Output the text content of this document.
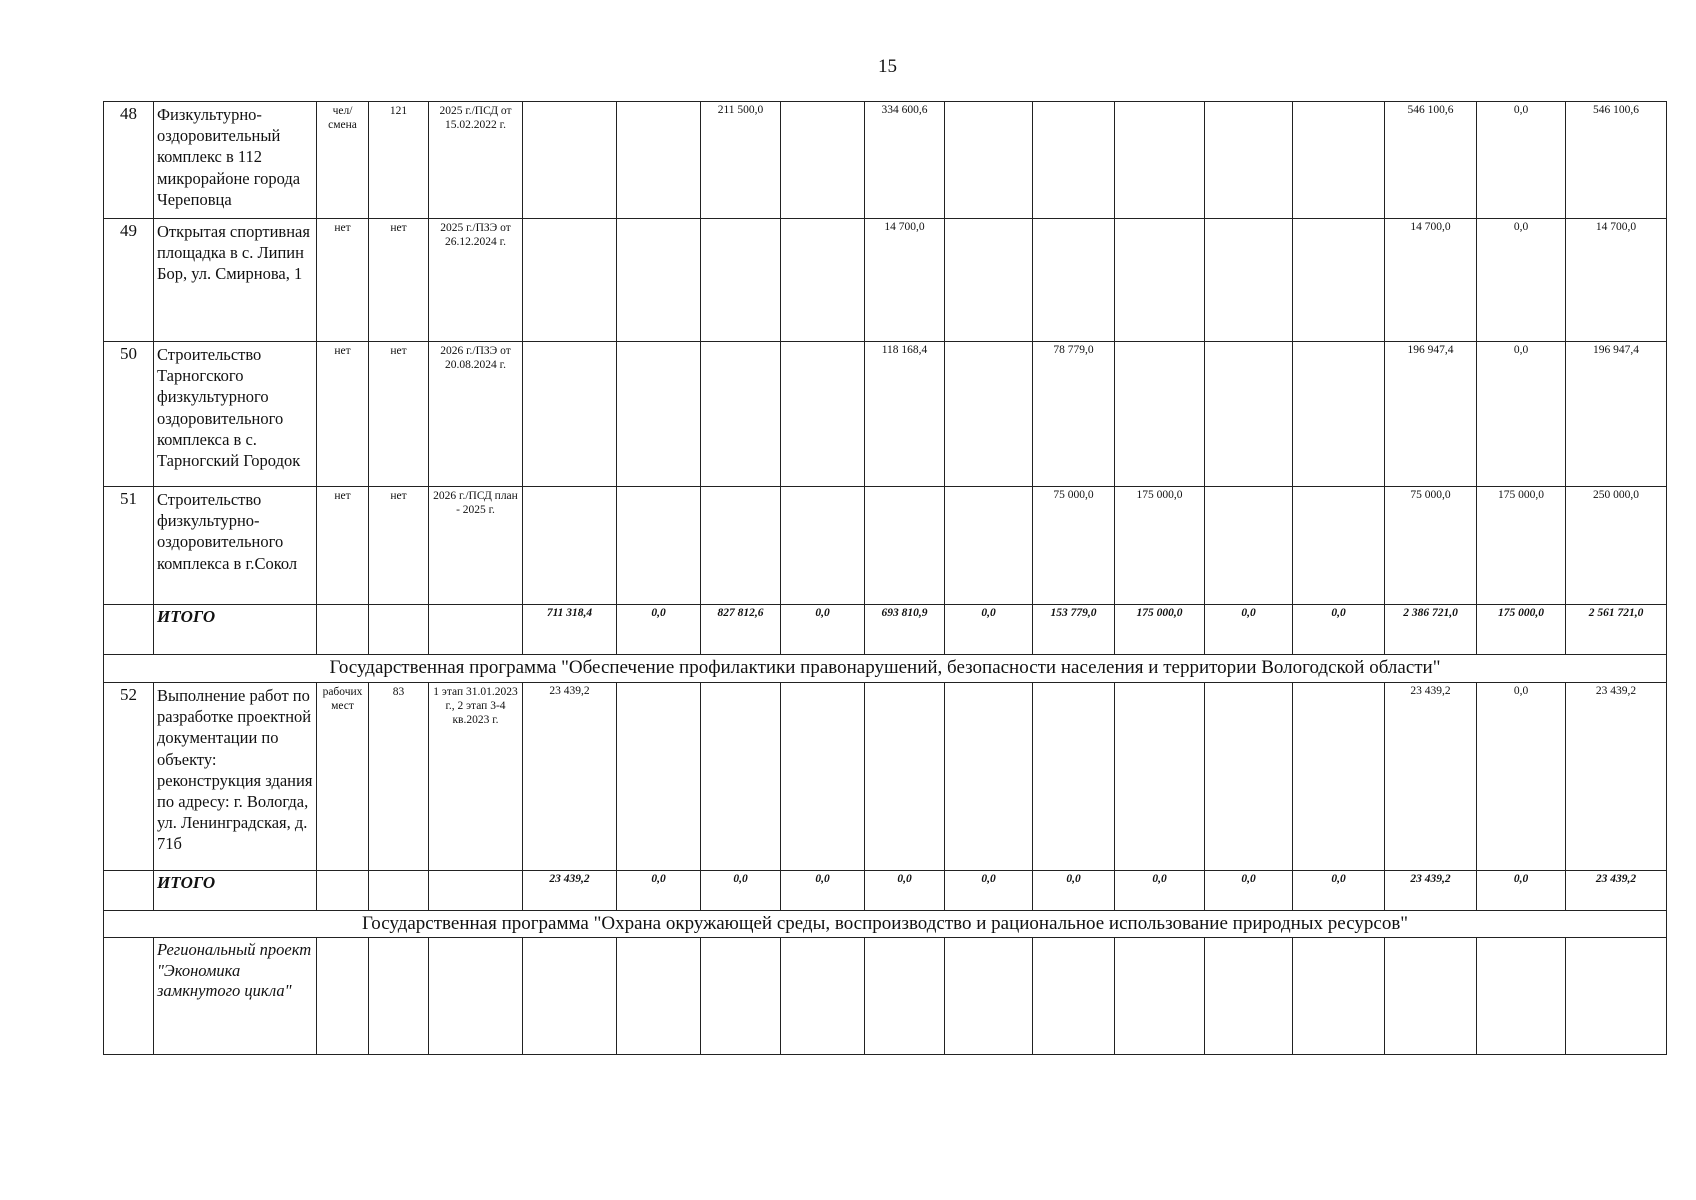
15
48	Физкультурно-оздоровительный комплекс в 112 микрорайоне города Череповца	чел/смена	121	2025 г./ПСД от 15.02.2022 г.			211 500,0		334 600,6						546 100,6	0,0	546 100,6
49	Открытая спортивная площадка в с. Липин Бор, ул. Смирнова, 1	нет	нет	2025 г./ПЗЭ от 26.12.2024 г.					14 700,0						14 700,0	0,0	14 700,0
50	Строительство Тарногского физкультурного оздоровительного комплекса в с. Тарногский Городок	нет	нет	2026 г./ПЗЭ от 20.08.2024 г.					118 168,4		78 779,0				196 947,4	0,0	196 947,4
51	Строительство физкультурно-оздоровительного комплекса в г.Сокол	нет	нет	2026 г./ПСД план - 2025 г.							75 000,0	175 000,0			75 000,0	175 000,0	250 000,0
	ИТОГО				711 318,4	0,0	827 812,6	0,0	693 810,9	0,0	153 779,0	175 000,0	0,0	0,0	2 386 721,0	175 000,0	2 561 721,0
Государственная программа "Обеспечение профилактики правонарушений, безопасности населения и территории Вологодской области"																	
52	Выполнение работ по разработке проектной документации по объекту: реконструкция здания по адресу: г. Вологда, ул. Ленинградская, д. 71б	рабочих мест	83	1 этап 31.01.2023 г., 2 этап 3-4 кв.2023 г.	23 439,2										23 439,2	0,0	23 439,2
	ИТОГО				23 439,2	0,0	0,0	0,0	0,0	0,0	0,0	0,0	0,0	0,0	23 439,2	0,0	23 439,2
Государственная программа "Охрана окружающей среды, воспроизводство и рациональное использование природных ресурсов"																	
	Региональный проект "Экономика замкнутого цикла"																
